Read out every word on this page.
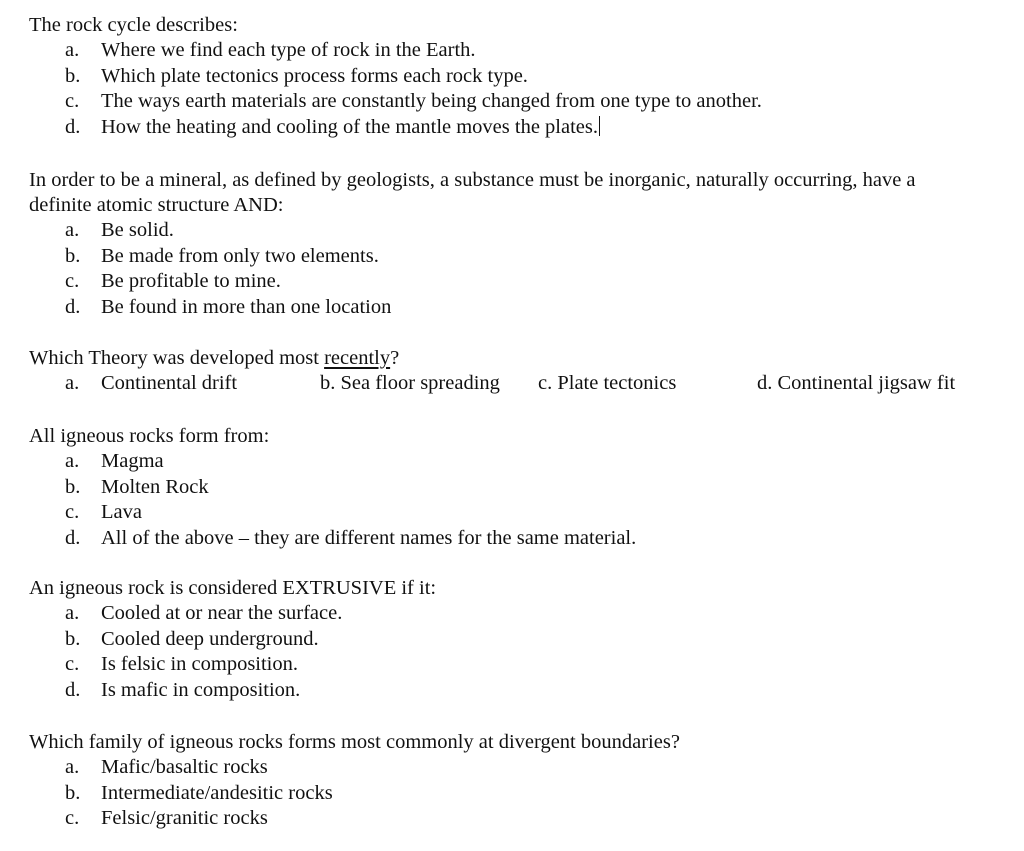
The rock cycle describes:
a. Where we find each type of rock in the Earth.
b. Which plate tectonics process forms each rock type.
c. The ways earth materials are constantly being changed from one type to another.
d. How the heating and cooling of the mantle moves the plates.
In order to be a mineral, as defined by geologists, a substance must be inorganic, naturally occurring, have a definite atomic structure AND:
a. Be solid.
b. Be made from only two elements.
c. Be profitable to mine.
d. Be found in more than one location
Which Theory was developed most recently?
a. Continental drift	b. Sea floor spreading c. Plate tectonics	d. Continental jigsaw fit
All igneous rocks form from:
a. Magma
b. Molten Rock
c. Lava
d. All of the above – they are different names for the same material.
An igneous rock is considered EXTRUSIVE if it:
a. Cooled at or near the surface.
b. Cooled deep underground.
c. Is felsic in composition.
d. Is mafic in composition.
Which family of igneous rocks forms most commonly at divergent boundaries?
a. Mafic/basaltic rocks
b. Intermediate/andesitic rocks
c. Felsic/granitic rocks
